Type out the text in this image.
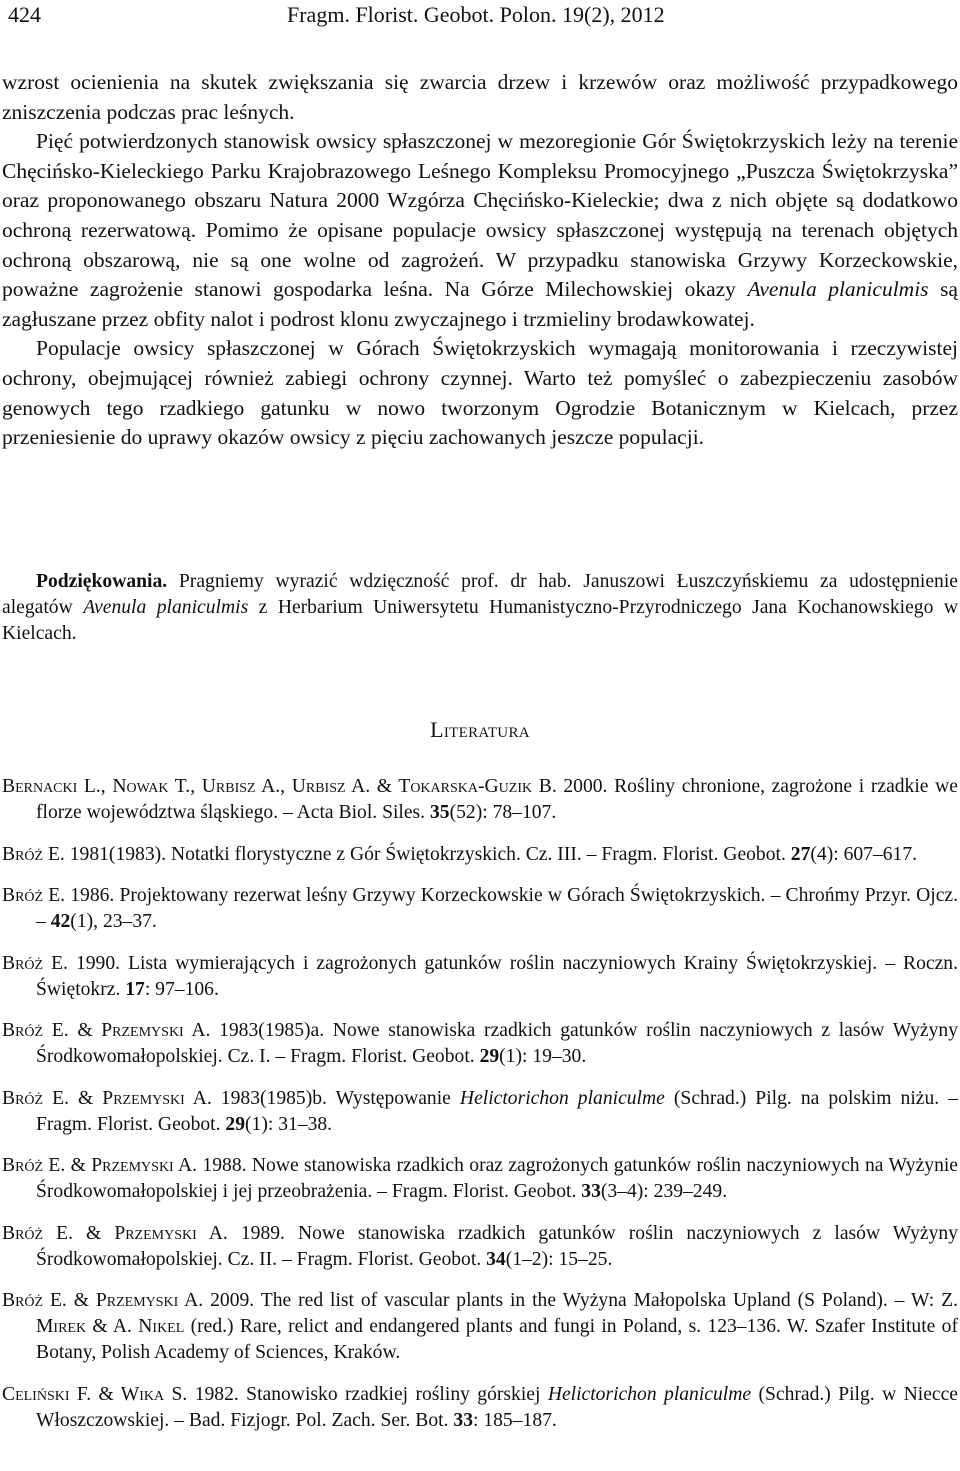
424	Fragm. Florist. Geobot. Polon. 19(2), 2012

wzrost ocienienia na skutek zwiększania się zwarcia drzew i krzewów oraz możliwość przypadkowego zniszczenia podczas prac leśnych.

Pięć potwierdzonych stanowisk owsicy spłaszczonej w mezoregionie Gór Świętokrzyskich leży na terenie Chęcińsko-Kieleckiego Parku Krajobrazowego Leśnego Kompleksu Promocyjnego „Puszcza Świętokrzyska” oraz proponowanego obszaru Natura 2000 Wzgórza Chęcińsko-Kieleckie; dwa z nich objęte są dodatkowo ochroną rezerwatową. Pomimo że opisane populacje owsicy spłaszczonej występują na terenach objętych ochroną obszarową, nie są one wolne od zagrożeń. W przypadku stanowiska Grzywy Korzeckowskie, poważne zagrożenie stanowi gospodarka leśna. Na Górze Milechowskiej okazy Avenula planiculmis są zagłuszane przez obfity nalot i podrost klonu zwyczajnego i trzmieliny brodawkowatej.

Populacje owsicy spłaszczonej w Górach Świętokrzyskich wymagają monitorowania i rzeczywistej ochrony, obejmującej również zabiegi ochrony czynnej. Warto też pomyśleć o zabezpieczeniu zasobów genowych tego rzadkiego gatunku w nowo tworzonym Ogrodzie Botanicznym w Kielcach, przez przeniesienie do uprawy okazów owsicy z pięciu zachowanych jeszcze populacji.

Podziękowania. Pragniemy wyrazić wdzięczność prof. dr hab. Januszowi Łuszczyńskiemu za udostępnienie alegatów Avenula planiculmis z Herbarium Uniwersytetu Humanistyczno-Przyrodniczego Jana Kochanowskiego w Kielcach.

Literatura

Bernacki L., Nowak T., Urbisz A., Urbisz A. & Tokarska-Guzik B. 2000. Rośliny chronione, zagrożone i rzadkie we florze województwa śląskiego. – Acta Biol. Siles. 35(52): 78–107.

Bróż E. 1981(1983). Notatki florystyczne z Gór Świętokrzyskich. Cz. III. – Fragm. Florist. Geobot. 27(4): 607–617.

Bróż E. 1986. Projektowany rezerwat leśny Grzywy Korzeckowskie w Górach Świętokrzyskich. – Chrońmy Przyr. Ojcz. – 42(1), 23–37.

Bróż E. 1990. Lista wymierających i zagrożonych gatunków roślin naczyniowych Krainy Świętokrzyskiej. – Roczn. Świętokrz. 17: 97–106.

Bróż E. & Przemyski A. 1983(1985)a. Nowe stanowiska rzadkich gatunków roślin naczyniowych z lasów Wyżyny Środkowomałopolskiej. Cz. I. – Fragm. Florist. Geobot. 29(1): 19–30.

Bróż E. & Przemyski A. 1983(1985)b. Występowanie Helictorichon planiculme (Schrad.) Pilg. na polskim niżu. – Fragm. Florist. Geobot. 29(1): 31–38.

Bróż E. & Przemyski A. 1988. Nowe stanowiska rzadkich oraz zagrożonych gatunków roślin naczyniowych na Wyżynie Środkowomałopolskiej i jej przeobrażenia. – Fragm. Florist. Geobot. 33(3–4): 239–249.

Bróż E. & Przemyski A. 1989. Nowe stanowiska rzadkich gatunków roślin naczyniowych z lasów Wyżyny Środkowomałopolskiej. Cz. II. – Fragm. Florist. Geobot. 34(1–2): 15–25.

Bróż E. & Przemyski A. 2009. The red list of vascular plants in the Wyżyna Małopolska Upland (S Poland). – W: Z. Mirek & A. Nikel (red.) Rare, relict and endangered plants and fungi in Poland, s. 123–136. W. Szafer Institute of Botany, Polish Academy of Sciences, Kraków.

Celiński F. & Wika S. 1982. Stanowisko rzadkiej rośliny górskiej Helictorichon planiculme (Schrad.) Pilg. w Niecce Włoszczowskiej. – Bad. Fizjogr. Pol. Zach. Ser. Bot. 33: 185–187.
